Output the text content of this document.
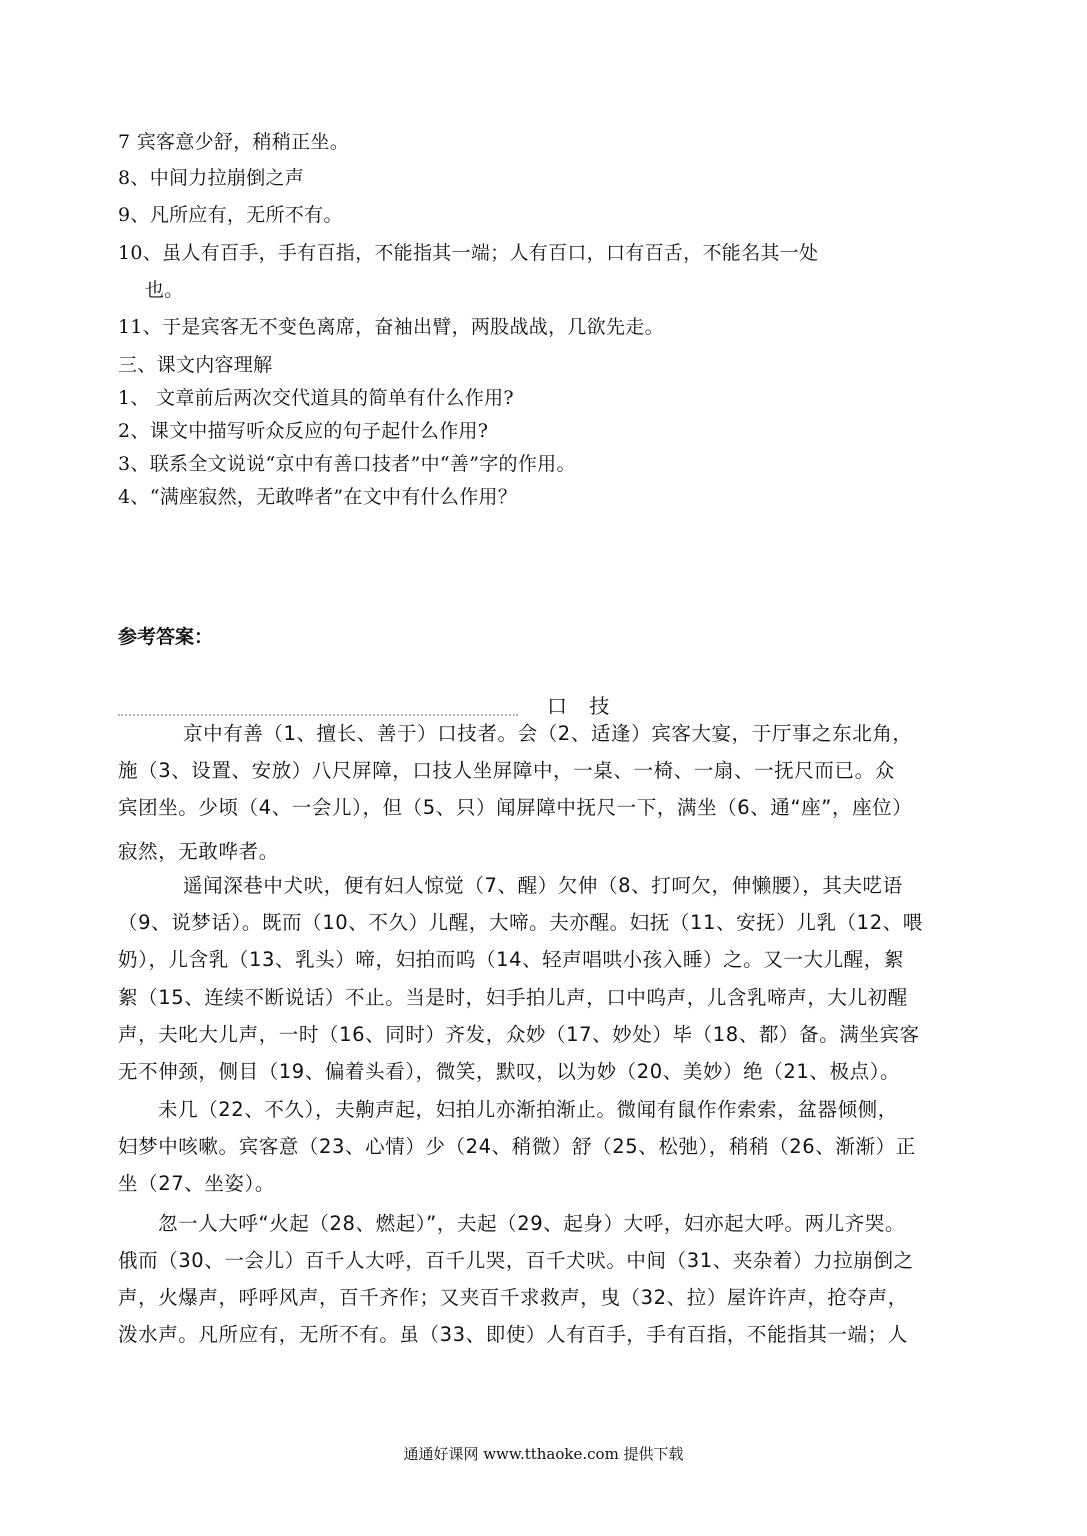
7 宾客意少舒，稍稍正坐。
8、中间力拉崩倒之声
9、凡所应有，无所不有。
10、虽人有百手，手有百指，不能指其一端；人有百口，口有百舌，不能名其一处
也。
11、于是宾客无不变色离席，奋袖出臂，两股战战，几欲先走。
三、课文内容理解
1、 文章前后两次交代道具的简单有什么作用?
2、课文中描写听众反应的句子起什么作用?
3、联系全文说说“京中有善口技者”中“善”字的作用。
4、“满座寂然，无敢哗者”在文中有什么作用？
参考答案：
口 技
京中有善（1、擅长、善于）口技者。会（2、适逢）宾客大宴，于厅事之东北角，
施（3、设置、安放）八尺屏障，口技人坐屏障中，一桌、一椅、一扇、一抚尺而已。众
宾团坐。少顷（4、一会儿），但（5、只）闻屏障中抚尺一下，满坐（6、通“座”，座位）
寂然，无敢哗者。
遥闻深巷中犬吠，便有妇人惊觉（7、醒）欠伸（8、打呵欠，伸懒腰），其夫呓语
（9、说梦话）。既而（10、不久）儿醒，大啼。夫亦醒。妇抚（11、安抚）儿乳（12、喂
奶），儿含乳（13、乳头）啼，妇拍而呜（14、轻声唱哄小孩入睡）之。又一大儿醒，絮
絮（15、连续不断说话）不止。当是时，妇手拍儿声，口中呜声，儿含乳啼声，大儿初醒
声，夫叱大儿声，一时（16、同时）齐发，众妙（17、妙处）毕（18、都）备。满坐宾客
无不伸颈，侧目（19、偏着头看），微笑，默叹，以为妙（20、美妙）绝（21、极点）。
未几（22、不久），夫齁声起，妇拍儿亦渐拍渐止。微闻有鼠作作索索，盆器倾侧，
妇梦中咳嗽。宾客意（23、心情）少（24、稍微）舒（25、松弛），稍稍（26、渐渐）正
坐（27、坐姿）。
忽一人大呼“火起（28、燃起）”，夫起（29、起身）大呼，妇亦起大呼。两儿齐哭。
俄而（30、一会儿）百千人大呼，百千儿哭，百千犬吠。中间（31、夹杂着）力拉崩倒之
声，火爆声，呼呼风声，百千齐作；又夹百千求救声，曳（32、拉）屋许许声，抢夺声，
泼水声。凡所应有，无所不有。虽（33、即使）人有百手，手有百指，不能指其一端；人
通通好课网 www.tthaoke.com 提供下载
